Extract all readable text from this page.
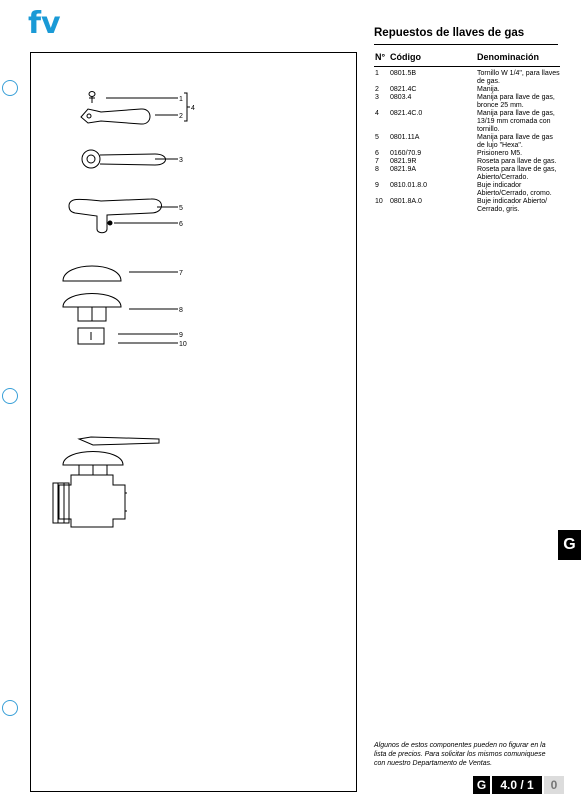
fv	Repuestos de llaves de gas
1
2
3
4
5
6
7
8
9
10
N° Código	Denominación
1 0801.5B	Tornillo W 1/4", para llaves de gas.
2 0821.4C	Manija.
3 0803.4	Manija para llave de gas, bronce 25 mm.
4 0821.4C.0	Manija para llave de gas, 13/19 mm cromada con tornillo.
5 0801.11A	Manija para llave de gas de lujo "Hexa".
6 0160/70.9	Prisionero M5.
7 0821.9R	Roseta para llave de gas.
8 0821.9A	Roseta para llave de gas, Abierto/Cerrado.
9 0810.01.8.0	Buje indicador Abierto/Cerrado, cromo.
10 0801.8A.0	Buje indicador Abierto/ Cerrado, gris.
Algunos de estos componentes pueden no figurar en la lista de precios. Para solicitar los mismos comuniquese con nuestro Departamento de Ventas.
G
G	4.0 / 1	0
